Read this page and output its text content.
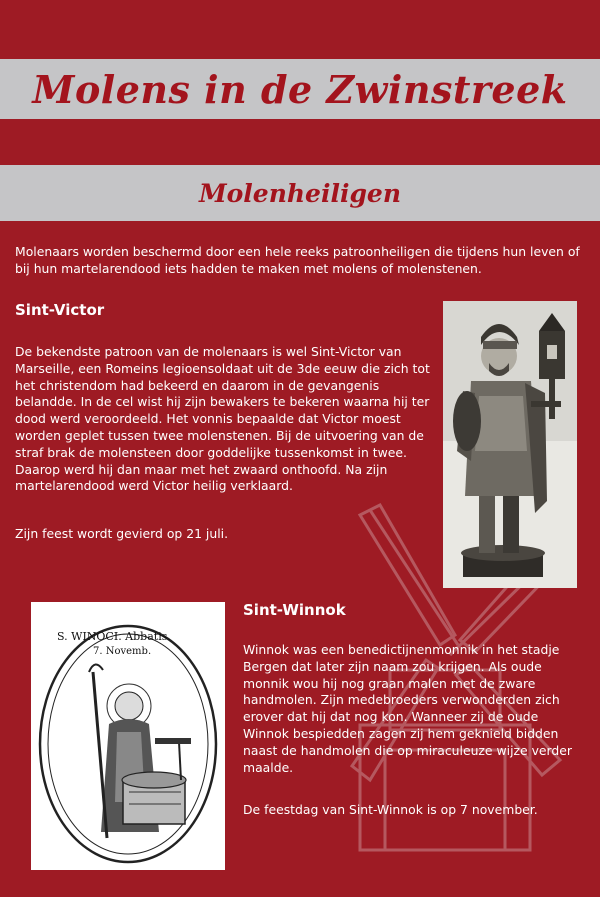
Molens in de Zwinstreek
Molenheiligen
Molenaars worden beschermd door een hele reeks patroonheiligen die tijdens hun leven of bij hun martelarendood iets hadden te maken met molens of molenstenen.
Sint-Victor
De bekendste patroon van de molenaars is wel Sint-Victor van Marseille, een Romeins legioensoldaat uit de 3de eeuw die zich tot het christendom had bekeerd en daarom in de gevangenis belandde. In de cel wist hij zijn bewakers te bekeren waarna hij ter dood werd veroordeeld. Het vonnis bepaalde dat Victor moest worden geplet tussen twee molenstenen. Bij de uitvoering van de straf brak de molensteen door goddelijke tussenkomst in twee. Daarop werd hij dan maar met het zwaard onthoofd. Na zijn martelarendood werd Victor heilig verklaard.
Zijn feest wordt gevierd op 21 juli.
S. WINOCI. Abbatis.
7. Novemb.
Sint-Winnok
Winnok was een benedictijnenmonnik in het stadje Bergen dat later zijn naam zou krijgen. Als oude monnik wou hij nog graan malen met de zware handmolen. Zijn medebroeders verwonderden zich erover dat hij dat nog kon. Wanneer zij de oude Winnok bespiedden zagen zij hem geknield bidden naast de handmolen die op miraculeuze wijze verder maalde.
De feestdag van Sint-Winnok is op 7 november.
